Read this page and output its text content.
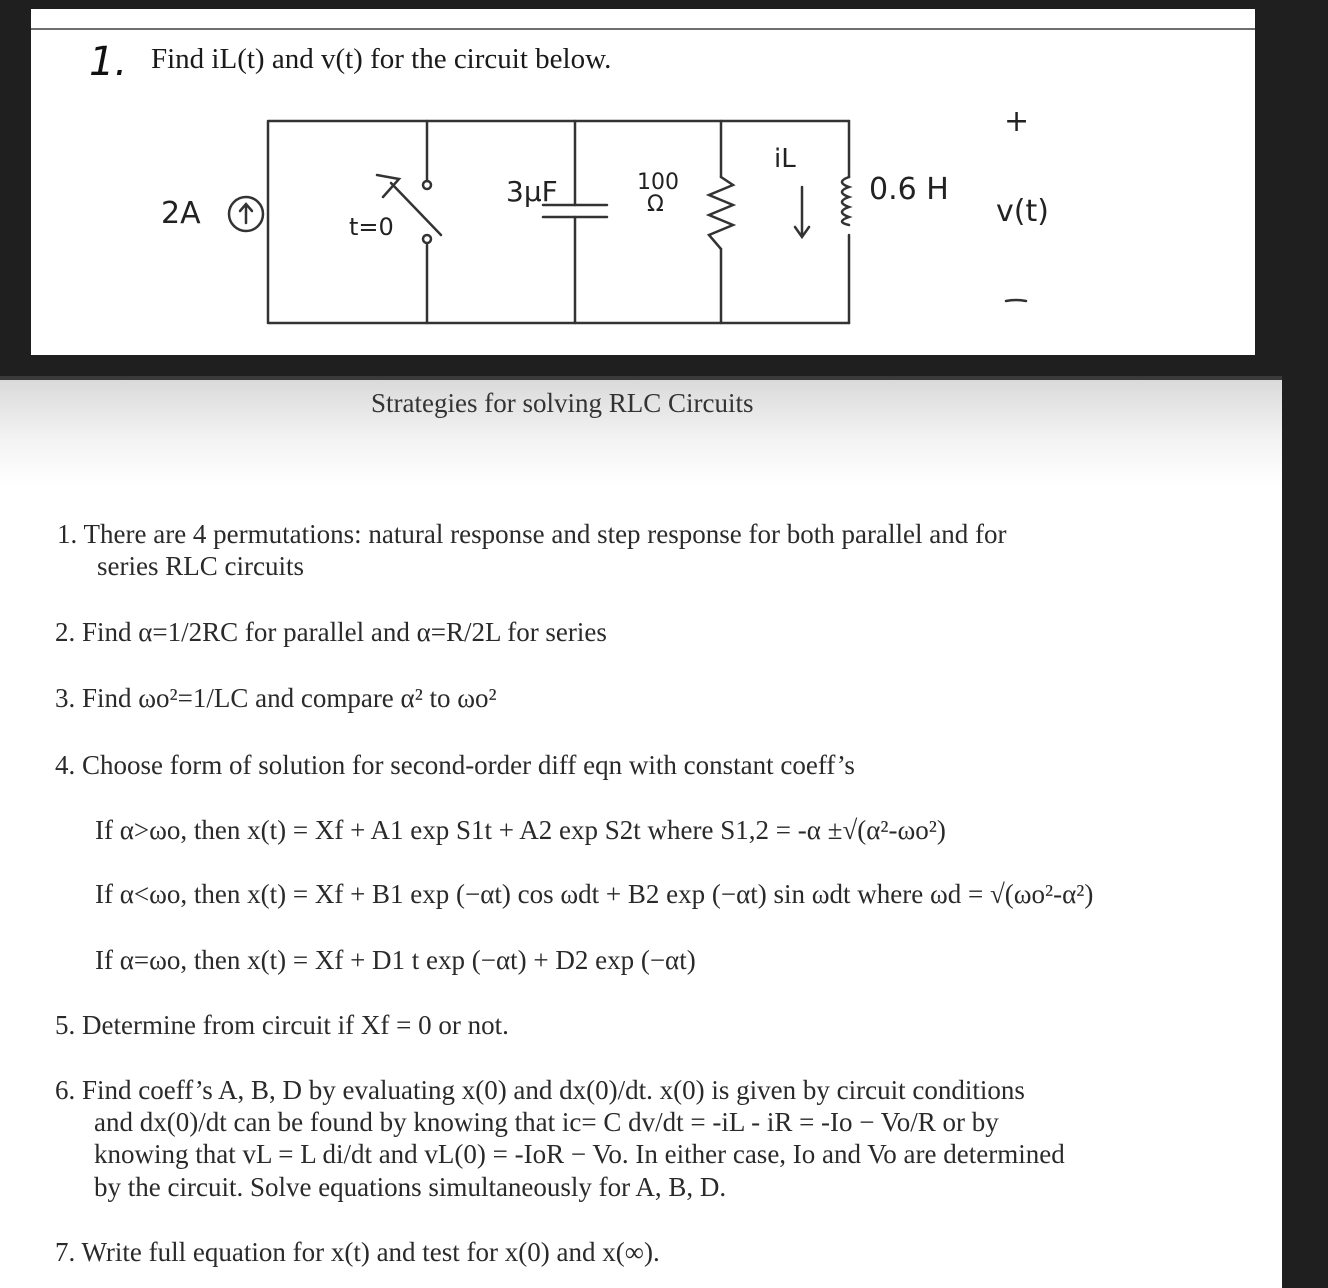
1. Find iL(t) and v(t) for the circuit below.
2A	t=0
3μF	100
Ω
iL
0.6 H
v(t)
+
Strategies for solving RLC Circuits
1. There are 4 permutations: natural response and step response for both parallel and for
series RLC circuits
2. Find α=1/2RC for parallel and α=R/2L for series
3. Find ωo²=1/LC and compare α² to ωo²
4. Choose form of solution for second-order diff eqn with constant coeff’s
If α>ωo, then x(t) = Xf + A1 exp S1t + A2 exp S2t where S1,2 = -α ±√(α²-ωo²)
If α<ωo, then x(t) = Xf + B1 exp (−αt) cos ωdt + B2 exp (−αt) sin ωdt where ωd = √(ωo²-α²)
If α=ωo, then x(t) = Xf + D1 t exp (−αt) + D2 exp (−αt)
5. Determine from circuit if Xf = 0 or not.
6. Find coeff’s A, B, D by evaluating x(0) and dx(0)/dt. x(0) is given by circuit conditions
and dx(0)/dt can be found by knowing that ic= C dv/dt = -iL - iR = -Io − Vo/R or by
knowing that vL = L di/dt and vL(0) = -IoR − Vo. In either case, Io and Vo are determined
by the circuit. Solve equations simultaneously for A, B, D.
7. Write full equation for x(t) and test for x(0) and x(∞).
